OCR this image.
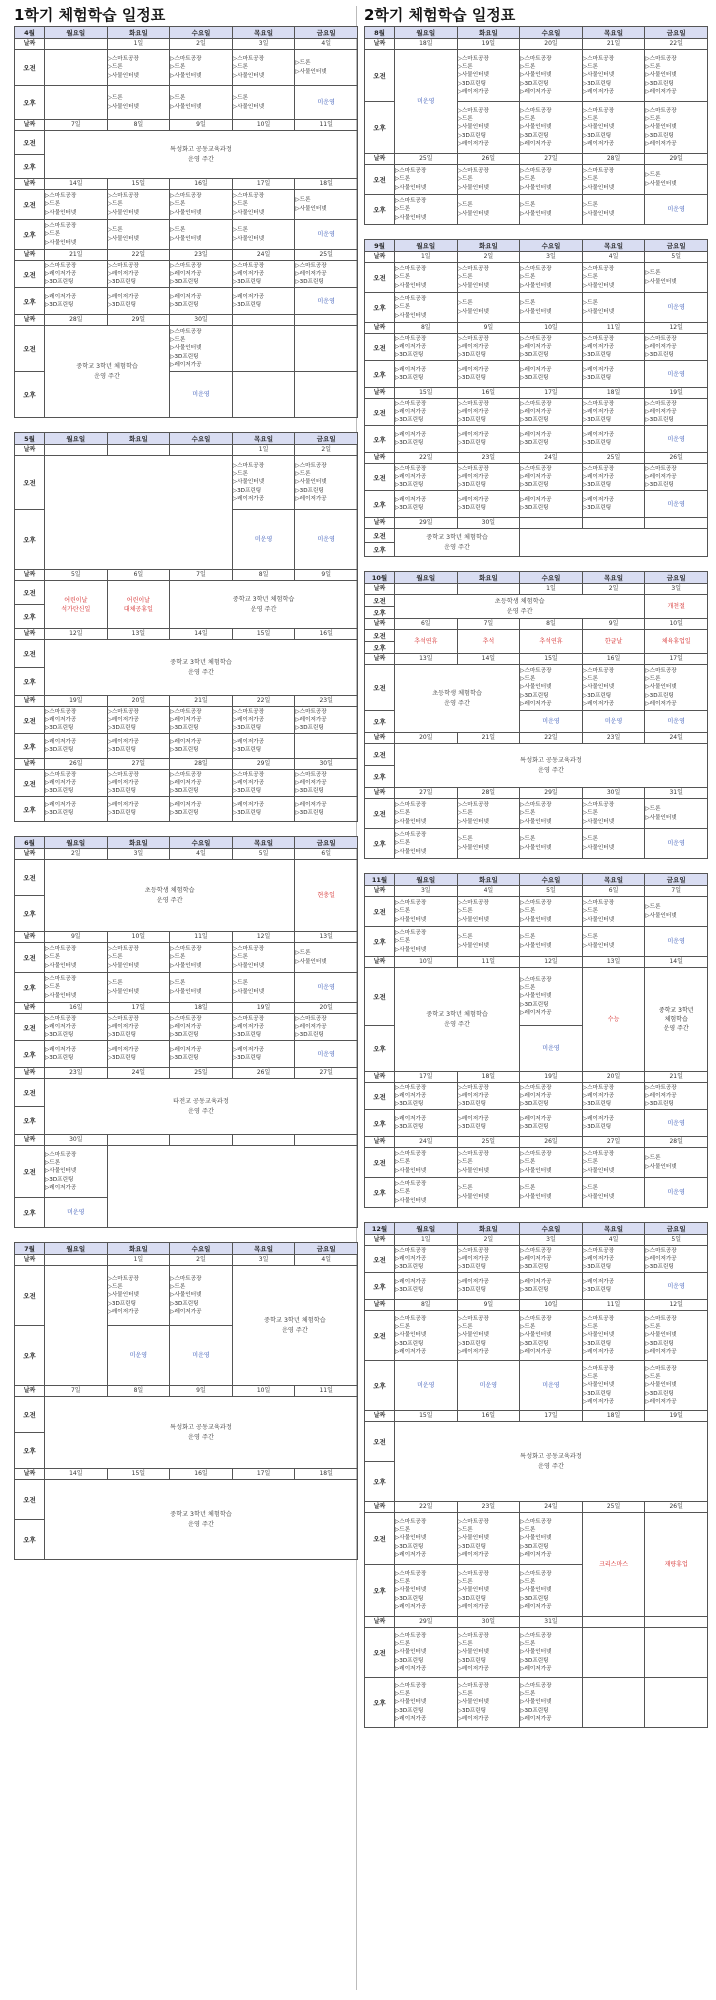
1학기 체험학습 일정표
4월	월요일	화요일	수요일	목요일	금요일
날짜		1일	2일	3일	4일
오전		▷스마트공장
▷드론
▷사물인터넷	▷스마트공장
▷드론
▷사물인터넷	▷스마트공장
▷드론
▷사물인터넷	▷드론
▷사물인터넷

오후		▷드론
▷사물인터넷	▷드론
▷사물인터넷	▷드론
▷사물인터넷	미운영
날짜	7일	8일	9일	10일	11일
오전	특성화고 공동교육과정
운영 주간				
오후					
날짜	14일	15일	16일	17일	18일
오전	▷스마트공장
▷드론
▷사물인터넷	▷스마트공장
▷드론
▷사물인터넷	▷스마트공장
▷드론
▷사물인터넷	▷스마트공장
▷드론
▷사물인터넷	▷드론
▷사물인터넷

오후	▷스마트공장
▷드론
▷사물인터넷	▷드론
▷사물인터넷	▷드론
▷사물인터넷	▷드론
▷사물인터넷	미운영
날짜	21일	22일	23일	24일	25일
오전	▷스마트공장
▷레이저가공
▷3D프린팅	▷스마트공장
▷레이저가공
▷3D프린팅	▷스마트공장
▷레이저가공
▷3D프린팅	▷스마트공장
▷레이저가공
▷3D프린팅	▷스마트공장
▷레이저가공
▷3D프린팅

오후	▷레이저가공
▷3D프린팅	▷레이저가공
▷3D프린팅	▷레이저가공
▷3D프린팅	▷레이저가공
▷3D프린팅	미운영
날짜	28일	29일	30일		
오전	중학교 3학년 체험학습
운영 주간		▷스마트공장
▷드론
▷사물인터넷
▷3D프린팅
▷레이저가공		

오후			미운영		
5월	월요일	화요일	수요일	목요일	금요일
날짜				1일	2일
오전				▷스마트공장
▷드론
▷사물인터넷
▷3D프린팅
▷레이저가공	▷스마트공장
▷드론
▷사물인터넷
▷3D프린팅
▷레이저가공

오후				미운영	미운영
날짜	5일	6일	7일	8일	9일
오전	어린이날
석가탄신일	어린이날
대체공휴일	중학교 3학년 체험학습
운영 주간		
오후					
날짜	12일	13일	14일	15일	16일
오전	중학교 3학년 체험학습
운영 주간				
오후					
날짜	19일	20일	21일	22일	23일
오전	▷스마트공장
▷레이저가공
▷3D프린팅	▷스마트공장
▷레이저가공
▷3D프린팅	▷스마트공장
▷레이저가공
▷3D프린팅	▷스마트공장
▷레이저가공
▷3D프린팅	▷스마트공장
▷레이저가공
▷3D프린팅

오후	▷레이저가공
▷3D프린팅	▷레이저가공
▷3D프린팅	▷레이저가공
▷3D프린팅	▷레이저가공
▷3D프린팅	

날짜	26일	27일	28일	29일	30일
오전	▷스마트공장
▷레이저가공
▷3D프린팅	▷스마트공장
▷레이저가공
▷3D프린팅	▷스마트공장
▷레이저가공
▷3D프린팅	▷스마트공장
▷레이저가공
▷3D프린팅	▷스마트공장
▷레이저가공
▷3D프린팅

오후	▷레이저가공
▷3D프린팅	▷레이저가공
▷3D프린팅	▷레이저가공
▷3D프린팅	▷레이저가공
▷3D프린팅	▷레이저가공
▷3D프린팅
6월	월요일	화요일	수요일	목요일	금요일
날짜	2일	3일	4일	5일	6일
오전	초등학생 체험학습
운영 주간				현충일
오후					
날짜	9일	10일	11일	12일	13일
오전	▷스마트공장
▷드론
▷사물인터넷	▷스마트공장
▷드론
▷사물인터넷	▷스마트공장
▷드론
▷사물인터넷	▷스마트공장
▷드론
▷사물인터넷	▷드론
▷사물인터넷

오후	▷스마트공장
▷드론
▷사물인터넷	▷드론
▷사물인터넷	▷드론
▷사물인터넷	▷드론
▷사물인터넷	미운영
날짜	16일	17일	18일	19일	20일
오전	▷스마트공장
▷레이저가공
▷3D프린팅	▷스마트공장
▷레이저가공
▷3D프린팅	▷스마트공장
▷레이저가공
▷3D프린팅	▷스마트공장
▷레이저가공
▷3D프린팅	▷스마트공장
▷레이저가공
▷3D프린팅

오후	▷레이저가공
▷3D프린팅	▷레이저가공
▷3D프린팅	▷레이저가공
▷3D프린팅	▷레이저가공
▷3D프린팅	미운영
날짜	23일	24일	25일	26일	27일
오전	타전교 공동교육과정
운영 주간				
오후					
날짜	30일				
오전	▷스마트공장
▷드론
▷사물인터넷
▷3D프린팅
▷레이저가공				

오후	미운영				
7월	월요일	화요일	수요일	목요일	금요일
날짜		1일	2일	3일	4일
오전		▷스마트공장
▷드론
▷사물인터넷
▷3D프린팅
▷레이저가공	▷스마트공장
▷드론
▷사물인터넷
▷3D프린팅
▷레이저가공	중학교 3학년 체험학습
운영 주간	
오후		미운영	미운영		
날짜	7일	8일	9일	10일	11일
오전	특성화고 공동교육과정
운영 주간				
오후					
날짜	14일	15일	16일	17일	18일
오전	중학교 3학년 체험학습
운영 주간				
오후					
2학기 체험학습 일정표
8월	월요일	화요일	수요일	목요일	금요일
날짜	18일	19일	20일	21일	22일
오전	미운영	▷스마트공장
▷드론
▷사물인터넷
▷3D프린팅
▷레이저가공	▷스마트공장
▷드론
▷사물인터넷
▷3D프린팅
▷레이저가공	▷스마트공장
▷드론
▷사물인터넷
▷3D프린팅
▷레이저가공	▷스마트공장
▷드론
▷사물인터넷
▷3D프린팅
▷레이저가공

오후		▷스마트공장
▷드론
▷사물인터넷
▷3D프린팅
▷레이저가공	▷스마트공장
▷드론
▷사물인터넷
▷3D프린팅
▷레이저가공	▷스마트공장
▷드론
▷사물인터넷
▷3D프린팅
▷레이저가공	▷스마트공장
▷드론
▷사물인터넷
▷3D프린팅
▷레이저가공

날짜	25일	26일	27일	28일	29일
오전	▷스마트공장
▷드론
▷사물인터넷	▷스마트공장
▷드론
▷사물인터넷	▷스마트공장
▷드론
▷사물인터넷	▷스마트공장
▷드론
▷사물인터넷	▷드론
▷사물인터넷

오후	▷스마트공장
▷드론
▷사물인터넷	▷드론
▷사물인터넷	▷드론
▷사물인터넷	▷드론
▷사물인터넷	미운영
9월	월요일	화요일	수요일	목요일	금요일
날짜	1일	2일	3일	4일	5일
오전	▷스마트공장
▷드론
▷사물인터넷	▷스마트공장
▷드론
▷사물인터넷	▷스마트공장
▷드론
▷사물인터넷	▷스마트공장
▷드론
▷사물인터넷	▷드론
▷사물인터넷

오후	▷스마트공장
▷드론
▷사물인터넷	▷드론
▷사물인터넷	▷드론
▷사물인터넷	▷드론
▷사물인터넷	미운영
날짜	8일	9일	10일	11일	12일
오전	▷스마트공장
▷레이저가공
▷3D프린팅	▷스마트공장
▷레이저가공
▷3D프린팅	▷스마트공장
▷레이저가공
▷3D프린팅	▷스마트공장
▷레이저가공
▷3D프린팅	▷스마트공장
▷레이저가공
▷3D프린팅

오후	▷레이저가공
▷3D프린팅	▷레이저가공
▷3D프린팅	▷레이저가공
▷3D프린팅	▷레이저가공
▷3D프린팅	미운영
날짜	15일	16일	17일	18일	19일
오전	▷스마트공장
▷레이저가공
▷3D프린팅	▷스마트공장
▷레이저가공
▷3D프린팅	▷스마트공장
▷레이저가공
▷3D프린팅	▷스마트공장
▷레이저가공
▷3D프린팅	▷스마트공장
▷레이저가공
▷3D프린팅

오후	▷레이저가공
▷3D프린팅	▷레이저가공
▷3D프린팅	▷레이저가공
▷3D프린팅	▷레이저가공
▷3D프린팅	미운영
날짜	22일	23일	24일	25일	26일
오전	▷스마트공장
▷레이저가공
▷3D프린팅	▷스마트공장
▷레이저가공
▷3D프린팅	▷스마트공장
▷레이저가공
▷3D프린팅	▷스마트공장
▷레이저가공
▷3D프린팅	▷스마트공장
▷레이저가공
▷3D프린팅

오후	▷레이저가공
▷3D프린팅	▷레이저가공
▷3D프린팅	▷레이저가공
▷3D프린팅	▷레이저가공
▷3D프린팅	미운영
날짜	29일	30일			
오전	중학교 3학년 체험학습
운영 주간				
오후					
10월	월요일	화요일	수요일	목요일	금요일
날짜			1일	2일	3일
오전	초등학생 체험학습
운영 주간				개천절
오후					
날짜	6일	7일	8일	9일	10일
오전	추석연휴	추석	추석연휴	한글날	체육휴업일
오후					
날짜	13일	14일	15일	16일	17일
오전	초등학생 체험학습
운영 주간		▷스마트공장
▷드론
▷사물인터넷
▷3D프린팅
▷레이저가공	▷스마트공장
▷드론
▷사물인터넷
▷3D프린팅
▷레이저가공	▷스마트공장
▷드론
▷사물인터넷
▷3D프린팅
▷레이저가공

오후			미운영	미운영	미운영
날짜	20일	21일	22일	23일	24일
오전	특성화고 공동교육과정
운영 주간				
오후					
날짜	27일	28일	29일	30일	31일
오전	▷스마트공장
▷드론
▷사물인터넷	▷스마트공장
▷드론
▷사물인터넷	▷스마트공장
▷드론
▷사물인터넷	▷스마트공장
▷드론
▷사물인터넷	▷드론
▷사물인터넷

오후	▷스마트공장
▷드론
▷사물인터넷	▷드론
▷사물인터넷	▷드론
▷사물인터넷	▷드론
▷사물인터넷	미운영
11월	월요일	화요일	수요일	목요일	금요일
날짜	3일	4일	5일	6일	7일
오전	▷스마트공장
▷드론
▷사물인터넷	▷스마트공장
▷드론
▷사물인터넷	▷스마트공장
▷드론
▷사물인터넷	▷스마트공장
▷드론
▷사물인터넷	▷드론
▷사물인터넷

오후	▷스마트공장
▷드론
▷사물인터넷	▷드론
▷사물인터넷	▷드론
▷사물인터넷	▷드론
▷사물인터넷	미운영
날짜	10일	11일	12일	13일	14일
오전	중학교 3학년 체험학습
운영 주간		▷스마트공장
▷드론
▷사물인터넷
▷3D프린팅
▷레이저가공	수능	중학교 3학년
체험학습
운영 주간
오후			미운영		
날짜	17일	18일	19일	20일	21일
오전	▷스마트공장
▷레이저가공
▷3D프린팅	▷스마트공장
▷레이저가공
▷3D프린팅	▷스마트공장
▷레이저가공
▷3D프린팅	▷스마트공장
▷레이저가공
▷3D프린팅	▷스마트공장
▷레이저가공
▷3D프린팅

오후	▷레이저가공
▷3D프린팅	▷레이저가공
▷3D프린팅	▷레이저가공
▷3D프린팅	▷레이저가공
▷3D프린팅	미운영
날짜	24일	25일	26일	27일	28일
오전	▷스마트공장
▷드론
▷사물인터넷	▷스마트공장
▷드론
▷사물인터넷	▷스마트공장
▷드론
▷사물인터넷	▷스마트공장
▷드론
▷사물인터넷	▷드론
▷사물인터넷

오후	▷스마트공장
▷드론
▷사물인터넷	▷드론
▷사물인터넷	▷드론
▷사물인터넷	▷드론
▷사물인터넷	미운영
12월	월요일	화요일	수요일	목요일	금요일
날짜	1일	2일	3일	4일	5일
오전	▷스마트공장
▷레이저가공
▷3D프린팅	▷스마트공장
▷레이저가공
▷3D프린팅	▷스마트공장
▷레이저가공
▷3D프린팅	▷스마트공장
▷레이저가공
▷3D프린팅	▷스마트공장
▷레이저가공
▷3D프린팅

오후	▷레이저가공
▷3D프린팅	▷레이저가공
▷3D프린팅	▷레이저가공
▷3D프린팅	▷레이저가공
▷3D프린팅	미운영
날짜	8일	9일	10일	11일	12일
오전	▷스마트공장
▷드론
▷사물인터넷
▷3D프린팅
▷레이저가공	▷스마트공장
▷드론
▷사물인터넷
▷3D프린팅
▷레이저가공	▷스마트공장
▷드론
▷사물인터넷
▷3D프린팅
▷레이저가공	▷스마트공장
▷드론
▷사물인터넷
▷3D프린팅
▷레이저가공	▷스마트공장
▷드론
▷사물인터넷
▷3D프린팅
▷레이저가공

오후	미운영	미운영	미운영	▷스마트공장
▷드론
▷사물인터넷
▷3D프린팅
▷레이저가공	▷스마트공장
▷드론
▷사물인터넷
▷3D프린팅
▷레이저가공

날짜	15일	16일	17일	18일	19일
오전	특성화고 공동교육과정
운영 주간				
오후					
날짜	22일	23일	24일	25일	26일
오전	▷스마트공장
▷드론
▷사물인터넷
▷3D프린팅
▷레이저가공	▷스마트공장
▷드론
▷사물인터넷
▷3D프린팅
▷레이저가공	▷스마트공장
▷드론
▷사물인터넷
▷3D프린팅
▷레이저가공	크리스마스	재량휴업
오후	▷스마트공장
▷드론
▷사물인터넷
▷3D프린팅
▷레이저가공	▷스마트공장
▷드론
▷사물인터넷
▷3D프린팅
▷레이저가공	▷스마트공장
▷드론
▷사물인터넷
▷3D프린팅
▷레이저가공		

날짜	29일	30일	31일		
오전	▷스마트공장
▷드론
▷사물인터넷
▷3D프린팅
▷레이저가공	▷스마트공장
▷드론
▷사물인터넷
▷3D프린팅
▷레이저가공	▷스마트공장
▷드론
▷사물인터넷
▷3D프린팅
▷레이저가공		

오후	▷스마트공장
▷드론
▷사물인터넷
▷3D프린팅
▷레이저가공	▷스마트공장
▷드론
▷사물인터넷
▷3D프린팅
▷레이저가공	▷스마트공장
▷드론
▷사물인터넷
▷3D프린팅
▷레이저가공		
